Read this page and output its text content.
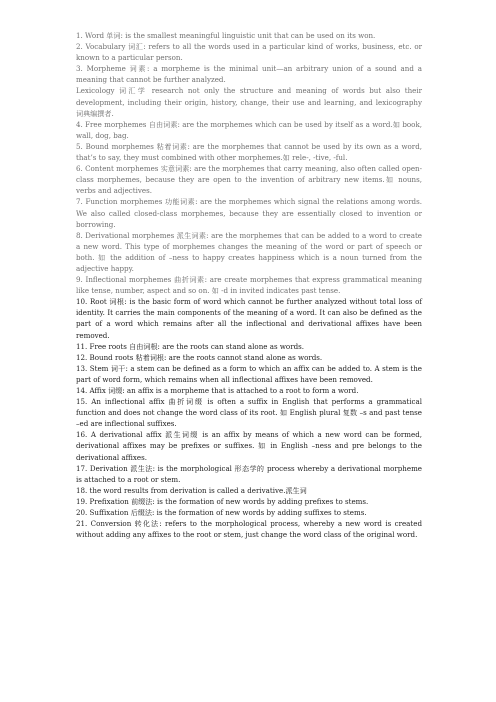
1. Word 单词: is the smallest meaningful linguistic unit that can be used on its won.

2. Vocabulary 词汇: refers to all the words used in a particular kind of works, business, etc. or known to a particular person.

3. Morpheme 词素: a morpheme is the minimal unit—an arbitrary union of a sound and a meaning that cannot be further analyzed.

Lexicology 词汇学 research not only the structure and meaning of words but also their development, including their origin, history, change, their use and learning, and lexicography 词典编撰者.

4. Free morphemes 自由词素: are the morphemes which can be used by itself as a word.如 book, wall, dog, bag.

5. Bound morphemes 粘着词素: are the morphemes that cannot be used by its own as a word, that’s to say, they must combined with other morphemes.如 rele-, -tive, -ful.

6. Content morphemes 实意词素: are the morphemes that carry meaning, also often called open-class morphemes, because they are open to the invention of arbitrary new items.如 nouns, verbs and adjectives.

7. Function morphemes 功能词素: are the morphemes which signal the relations among words. We also called closed-class morphemes, because they are essentially closed to invention or borrowing.

8. Derivational morphemes 派生词素: are the morphemes that can be added to a word to create a new word. This type of morphemes changes the meaning of the word or part of speech or both. 如 the addition of –ness to happy creates happiness which is a noun turned from the adjective happy.

9. Inflectional morphemes 曲折词素: are create morphemes that express grammatical meaning like tense, number, aspect and so on. 如 -d in invited indicates past tense.

10. Root 词根: is the basic form of word which cannot be further analyzed without total loss of identity. It carries the main components of the meaning of a word. It can also be defined as the part of a word which remains after all the inflectional and derivational affixes have been removed.

11. Free roots 自由词根: are the roots can stand alone as words.

12. Bound roots 粘着词根: are the roots cannot stand alone as words.

13. Stem 词干: a stem can be defined as a form to which an affix can be added to. A stem is the part of word form, which remains when all inflectional affixes have been removed.

14. Affix 词缀: an affix is a morpheme that is attached to a root to form a word.

15. An inflectional affix 曲折词缀 is often a suffix in English that performs a grammatical function and does not change the word class of its root. 如 English plural 复数 –s and past tense –ed are inflectional suffixes.

16. A derivational affix 派生词缀 is an affix by means of which a new word can be formed, derivational affixes may be prefixes or suffixes. 如 in English –ness and pre belongs to the derivational affixes.

17. Derivation 派生法: is the morphological 形态学的 process whereby a derivational morpheme is attached to a root or stem.

18. the word results from derivation is called a derivative.派生词

19. Prefixation 前缀法: is the formation of new words by adding prefixes to stems.

20. Suffixation 后缀法: is the formation of new words by adding suffixes to stems.

21. Conversion 转化法: refers to the morphological process, whereby a new word is created without adding any affixes to the root or stem, just change the word class of the original word.
